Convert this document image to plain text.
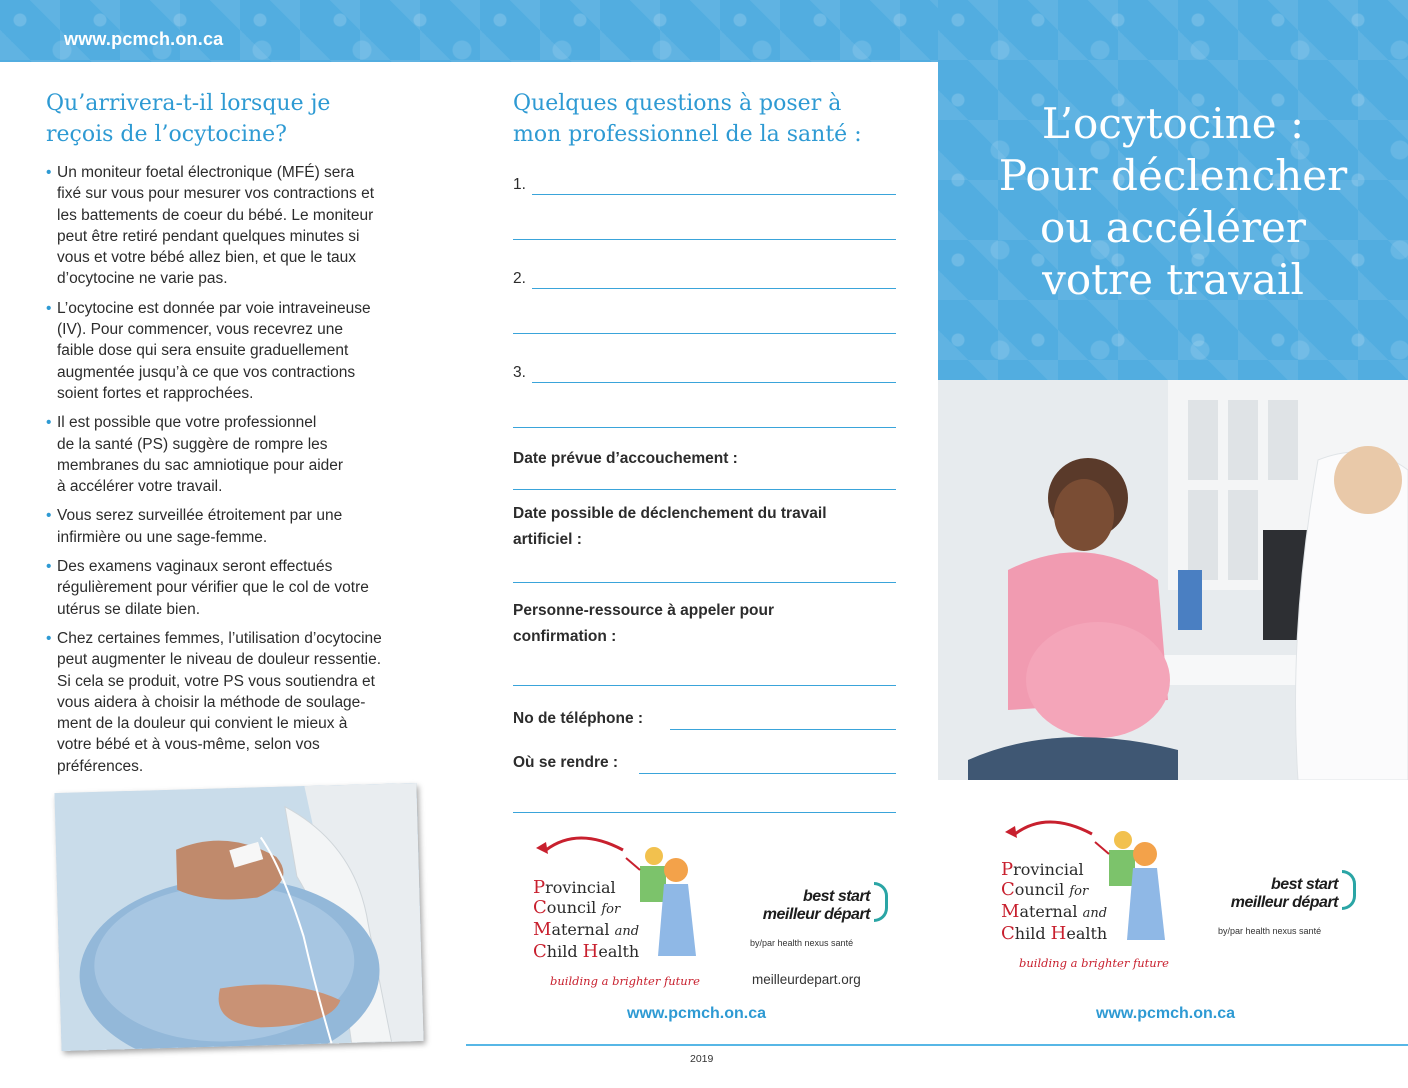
www.pcmch.on.ca
L’ocytocine :
Pour déclencher
ou accélérer
votre travail
Qu’arrivera-t-il lorsque je
reçois de l’ocytocine?
• Un moniteur foetal électronique (MFÉ) sera
fixé sur vous pour mesurer vos contractions et
les battements de coeur du bébé. Le moniteur
peut être retiré pendant quelques minutes si
vous et votre bébé allez bien, et que le taux
d’ocytocine ne varie pas.
• L’ocytocine est donnée par voie intraveineuse
(IV). Pour commencer, vous recevrez une
faible dose qui sera ensuite graduellement
augmentée jusqu’à ce que vos contractions
soient fortes et rapprochées.
• Il est possible que votre professionnel
de la santé (PS) suggère de rompre les
membranes du sac amniotique pour aider
à accélérer votre travail.
• Vous serez surveillée étroitement par une
infirmière ou une sage-femme.
• Des examens vaginaux seront effectués
régulièrement pour vérifier que le col de votre
utérus se dilate bien.
• Chez certaines femmes, l’utilisation d’ocytocine
peut augmenter le niveau de douleur ressentie.
Si cela se produit, votre PS vous soutiendra et
vous aidera à choisir la méthode de soulage-
ment de la douleur qui convient le mieux à
votre bébé et à vous-même, selon vos
préférences.
Quelques questions à poser à
mon professionnel de la santé :
1.
2.
3.
Date prévue d’accouchement :
Date possible de déclenchement du travail
artificiel :
Personne-ressource à appeler pour
confirmation :
No de téléphone :
Où se rendre :
Provincial
Council for
Maternal and
Child Health
building a brighter future
best start
meilleur départ
by/par health nexus santé
meilleurdepart.org
www.pcmch.on.ca
2019
Provincial
Council for
Maternal and
Child Health
building a brighter future
best start
meilleur départ
by/par health nexus santé
www.pcmch.on.ca
